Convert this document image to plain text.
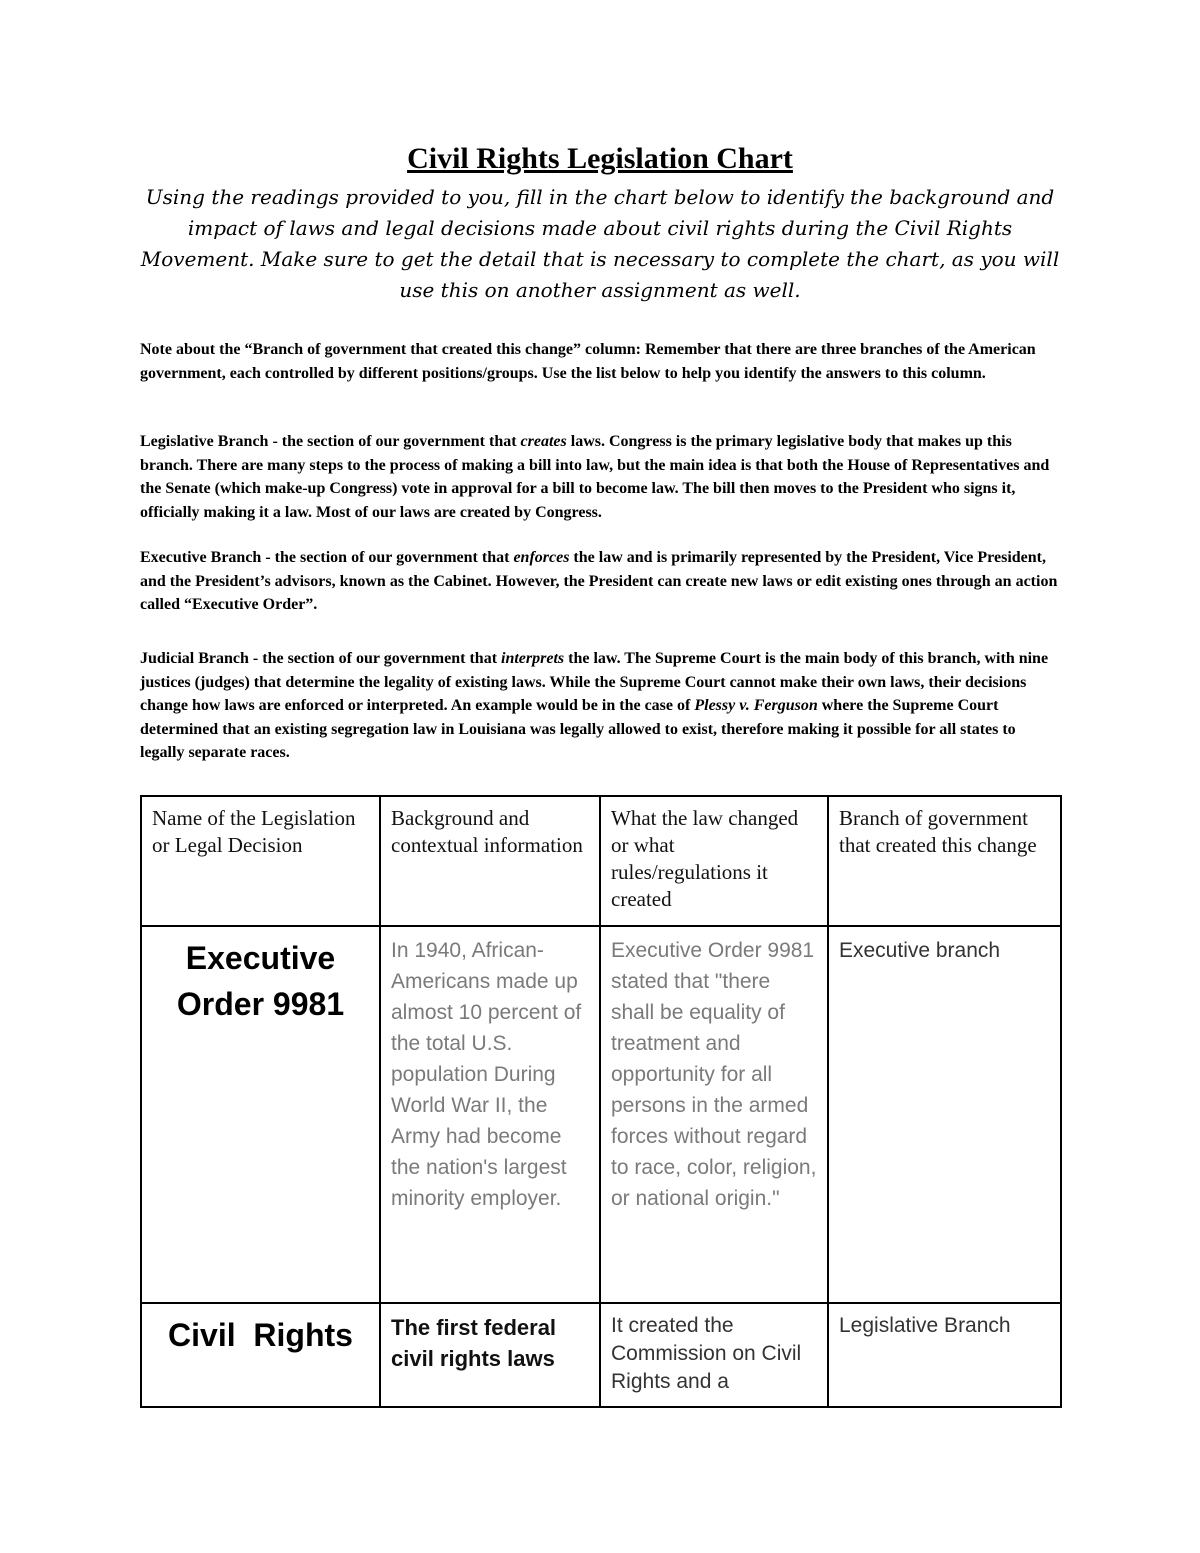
Civil Rights Legislation Chart

Using the readings provided to you, fill in the chart below to identify the background and impact of laws and legal decisions made about civil rights during the Civil Rights Movement. Make sure to get the detail that is necessary to complete the chart, as you will use this on another assignment as well.

Note about the “Branch of government that created this change” column: Remember that there are three branches of the American government, each controlled by different positions/groups. Use the list below to help you identify the answers to this column.

Legislative Branch - the section of our government that creates laws. Congress is the primary legislative body that makes up this branch. There are many steps to the process of making a bill into law, but the main idea is that both the House of Representatives and the Senate (which make-up Congress) vote in approval for a bill to become law. The bill then moves to the President who signs it, officially making it a law. Most of our laws are created by Congress.

Executive Branch - the section of our government that enforces the law and is primarily represented by the President, Vice President, and the President’s advisors, known as the Cabinet. However, the President can create new laws or edit existing ones through an action called “Executive Order”.

Judicial Branch - the section of our government that interprets the law. The Supreme Court is the main body of this branch, with nine justices (judges) that determine the legality of existing laws. While the Supreme Court cannot make their own laws, their decisions change how laws are enforced or interpreted. An example would be in the case of Plessy v. Ferguson where the Supreme Court determined that an existing segregation law in Louisiana was legally allowed to exist, therefore making it possible for all states to legally separate races.

Name of the Legislation or Legal Decision	Background and contextual information	What the law changed or what rules/regulations it created	Branch of government that created this change
Executive Order 9981	In 1940, African-Americans made up almost 10 percent of the total U.S. population During World War II, the Army had become the nation's largest minority employer.	Executive Order 9981 stated that "there shall be equality of treatment and opportunity for all persons in the armed forces without regard to race, color, religion, or national origin."	Executive branch
Civil  Rights	The first federal civil rights laws	It created the Commission on Civil Rights and a	Legislative Branch
